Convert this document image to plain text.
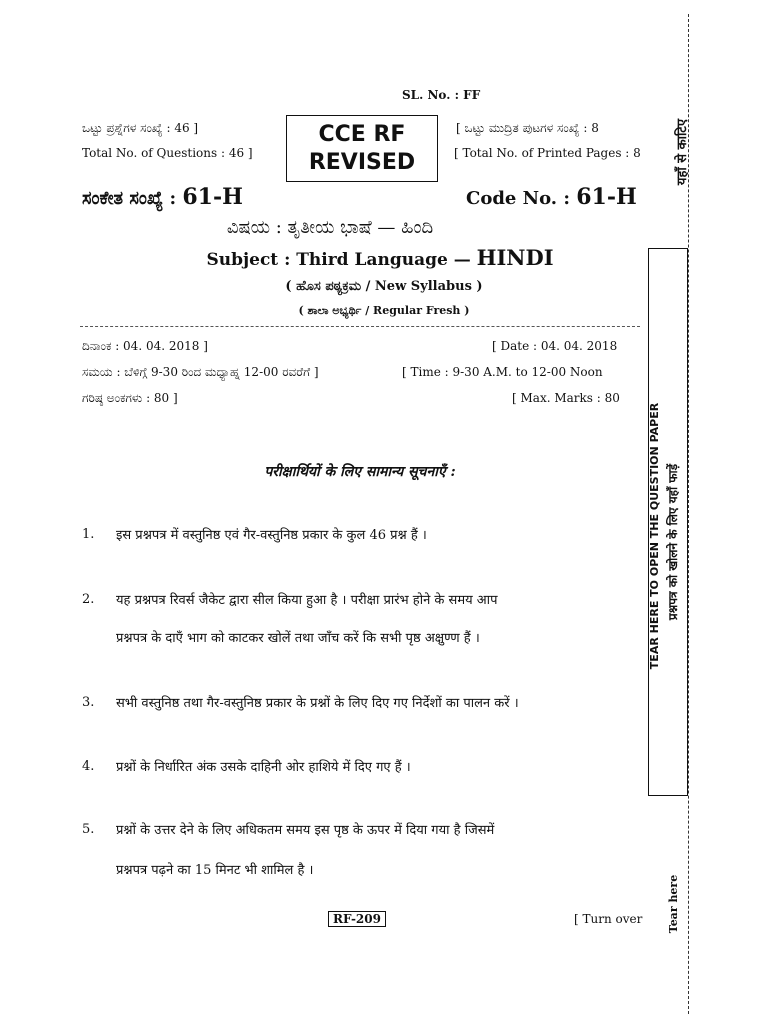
SL. No. : FF
ಒಟ್ಟು ಪ್ರಶ್ನೆಗಳ ಸಂಖ್ಯೆ : 46 ]
Total No. of Questions : 46 ]
CCE RF
REVISED
[ ಒಟ್ಟು ಮುದ್ರಿತ ಪುಟಗಳ ಸಂಖ್ಯೆ : 8
[ Total No. of Printed Pages : 8
ಸಂಕೇತ ಸಂಖ್ಯೆ : 61-H	Code No. : 61-H
ವಿಷಯ : ತೃತೀಯ ಭಾಷೆ — ಹಿಂದಿ
Subject : Third Language — HINDI
( ಹೊಸ ಪಠ್ಯಕ್ರಮ / New Syllabus )
( ಶಾಲಾ ಅಭ್ಯರ್ಥಿ / Regular Fresh )
ದಿನಾಂಕ : 04. 04. 2018 ]	[ Date : 04. 04. 2018
ಸಮಯ : ಬೆಳಿಗ್ಗೆ 9-30 ರಿಂದ ಮಧ್ಯಾಹ್ನ 12-00 ರವರೆಗೆ ]	[ Time : 9-30 A.M. to 12-00 Noon
ಗರಿಷ್ಠ ಅಂಕಗಳು : 80 ]	[ Max. Marks : 80
परीक्षार्थियों के लिए सामान्य सूचनाएँ :
1. इस प्रश्नपत्र में वस्तुनिष्ठ एवं गैर-वस्तुनिष्ठ प्रकार के कुल 46 प्रश्न हैं ।
2. यह प्रश्नपत्र रिवर्स जैकेट द्वारा सील किया हुआ है । परीक्षा प्रारंभ होने के समय आप
प्रश्नपत्र के दाएँ भाग को काटकर खोलें तथा जाँच करें कि सभी पृष्ठ अक्षुण्ण हैं ।
3. सभी वस्तुनिष्ठ तथा गैर-वस्तुनिष्ठ प्रकार के प्रश्नों के लिए दिए गए निर्देशों का पालन करें ।
4. प्रश्नों के निर्धारित अंक उसके दाहिनी ओर हाशिये में दिए गए हैं ।
5. प्रश्नों के उत्तर देने के लिए अधिकतम समय इस पृष्ठ के ऊपर में दिया गया है जिसमें
प्रश्नपत्र पढ़ने का 15 मिनट भी शामिल है ।
RF-209	[ Turn over
यहाँ से काटिए
TEAR HERE TO OPEN THE QUESTION PAPER प्रश्नपत्र को खोलने के लिए यहाँ फाड़ें
Tear here
